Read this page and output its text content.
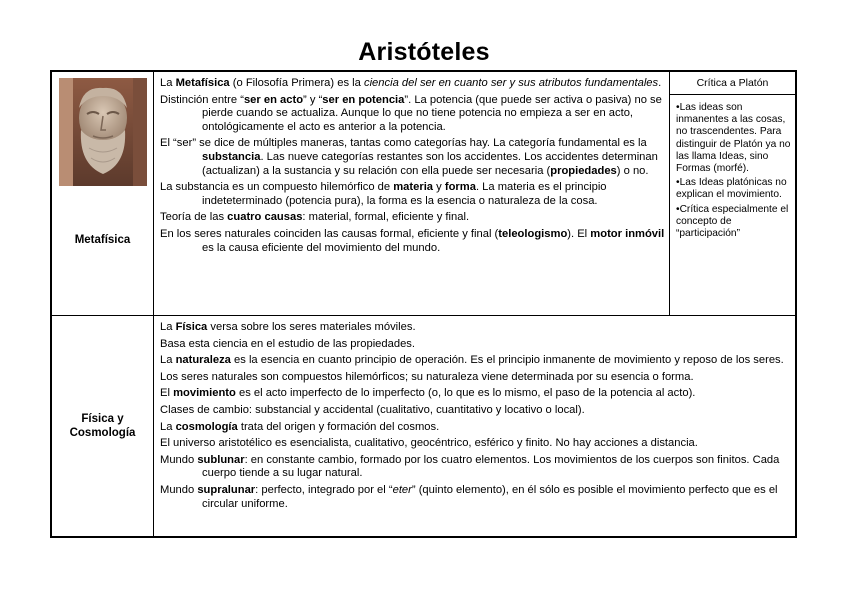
Aristóteles
Metafísica

La Metafísica (o Filosofía Primera) es la ciencia del ser en cuanto ser y sus atributos fundamentales.

Distinción entre “ser en acto” y “ser en potencia”. La potencia (que puede ser activa o pasiva) no se pierde cuando se actualiza. Aunque lo que no tiene potencia no empieza a ser en acto, ontológicamente el acto es anterior a la potencia.

El “ser” se dice de múltiples maneras, tantas como categorías hay. La categoría fundamental es la substancia. Las nueve categorías restantes son los accidentes. Los accidentes determinan (actualizan) a la sustancia y su relación con ella puede ser necesaria (propiedades) o no.

La substancia es un compuesto hilemórfico de materia y forma. La materia es el principio indeteterminado (potencia pura), la forma es la esencia o naturaleza de la cosa.

Teoría de las cuatro causas: material, formal, eficiente y final.

En los seres naturales coinciden las causas formal, eficiente y final (teleologismo). El motor inmóvil es la causa eficiente del movimiento del mundo.

Crítica a Platón
•Las ideas son inmanentes a las cosas, no trascendentes. Para distinguir de Platón ya no las llama Ideas, sino Formas (morfé).
•Las Ideas platónicas no explican el movimiento.
•Crítica especialmente el concepto de “participación”
Física y
Cosmología

La Física versa sobre los seres materiales móviles.

Basa esta ciencia en el estudio de las propiedades.

La naturaleza es la esencia en cuanto principio de operación. Es el principio inmanente de movimiento y reposo de los seres.

Los seres naturales son compuestos hilemórficos; su naturaleza viene determinada por su esencia o forma.

El movimiento es el acto imperfecto de lo imperfecto (o, lo que es lo mismo, el paso de la potencia al acto).

Clases de cambio: substancial y accidental (cualitativo, cuantitativo y locativo o local).

La cosmología trata del origen y formación del cosmos.

El universo aristotélico es esencialista, cualitativo, geocéntrico, esférico y finito. No hay acciones a distancia.

Mundo sublunar: en constante cambio, formado por los cuatro elementos. Los movimientos de los cuerpos son finitos. Cada cuerpo tiende a su lugar natural.

Mundo supralunar: perfecto, integrado por el “eter” (quinto elemento), en él sólo es posible el movimiento perfecto que es el circular uniforme.
